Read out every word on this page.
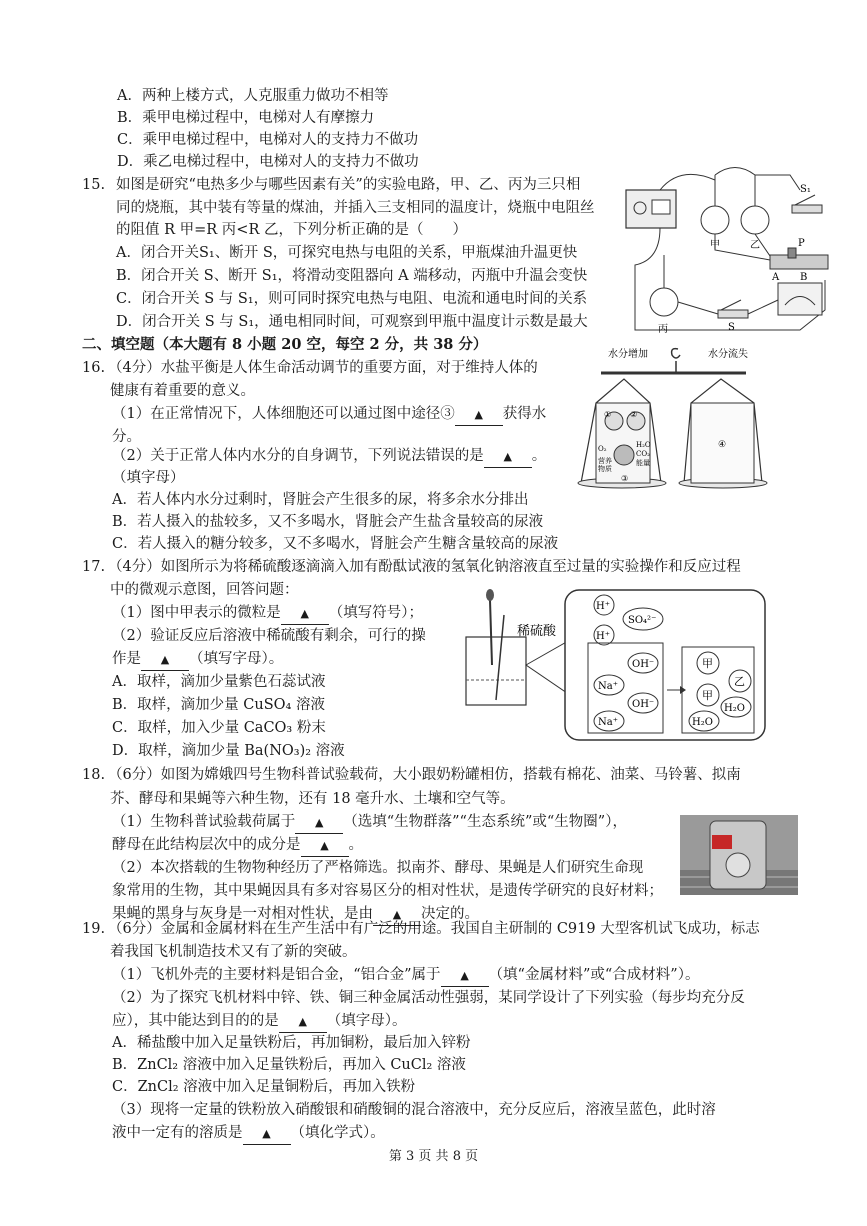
A．两种上楼方式，人克服重力做功不相等
B．乘甲电梯过程中，电梯对人有摩擦力
C．乘甲电梯过程中，电梯对人的支持力不做功
D．乘乙电梯过程中，电梯对人的支持力不做功
15. 如图是研究“电热多少与哪些因素有关”的实验电路，甲、乙、丙为三只相
同的烧瓶，其中装有等量的煤油，并插入三支相同的温度计，烧瓶中电阻丝
的阻值 R 甲=R 丙<R 乙，下列分析正确的是（　　）
A．闭合开关S₁、断开 S，可探究电热与电阻的关系，甲瓶煤油升温更快
B．闭合开关 S、断开 S₁，将滑动变阻器向 A 端移动，丙瓶中升温会变快
C．闭合开关 S 与 S₁，则可同时探究电热与电阻、电流和通电时间的关系
D．闭合开关 S 与 S₁，通电相同时间，可观察到甲瓶中温度计示数是最大
甲	乙
丙
S₁
S
P
A B
二、填空题（本大题有 8 小题 20 空，每空 2 分，共 38 分）
16. （4分）水盐平衡是人体生命活动调节的重要方面，对于维持人体的
健康有着重要的意义。
（1）在正常情况下，人体细胞还可以通过图中途径③ ▲ 获得水
分。
（2）关于正常人体内水分的自身调节，下列说法错误的是 ▲ 。
（填字母）
A．若人体内水分过剩时，肾脏会产生很多的尿，将多余水分排出
B．若人摄入的盐较多，又不多喝水，肾脏会产生盐含量较高的尿液
C．若人摄入的糖分较多，又不多喝水，肾脏会产生糖含量较高的尿液
水分增加	水分流失
① ②
③
④
O₂
营养
物质
H₂O
CO₂
能量
17. （4分）如图所示为将稀硫酸逐滴滴入加有酚酞试液的氢氧化钠溶液直至过量的实验操作和反应过程
中的微观示意图，回答问题：
（1）图中甲表示的微粒是 ▲ （填写符号）；
（2）验证反应后溶液中稀硫酸有剩余，可行的操
作是 ▲ （填写字母）。
A．取样，滴加少量紫色石蕊试液
B．取样，滴加少量 CuSO₄ 溶液
C．取样，加入少量 CaCO₃ 粉末
D．取样，滴加少量 Ba(NO₃)₂ 溶液
稀硫酸
H⁺
SO₄²⁻
H⁺
OH⁻
Na⁺
OH⁻
Na⁺
甲
乙
甲
H₂O
H₂O
18. （6分）如图为嫦娥四号生物科普试验载荷，大小跟奶粉罐相仿，搭载有棉花、油菜、马铃薯、拟南
芥、酵母和果蝇等六种生物，还有 18 毫升水、土壤和空气等。
（1）生物科普试验载荷属于 ▲ （选填“生物群落”“生态系统”或“生物圈”），
酵母在此结构层次中的成分是 ▲ 。
（2）本次搭载的生物物种经历了严格筛选。拟南芥、酵母、果蝇是人们研究生命现
象常用的生物，其中果蝇因具有多对容易区分的相对性状，是遗传学研究的良好材料；
果蝇的黑身与灰身是一对相对性状，是由 ▲ 决定的。
19. （6分）金属和金属材料在生产生活中有广泛的用途。我国自主研制的 C919 大型客机试飞成功，标志
着我国飞机制造技术又有了新的突破。
（1）飞机外壳的主要材料是铝合金，“铝合金”属于 ▲ （填“金属材料”或“合成材料”）。
（2）为了探究飞机材料中锌、铁、铜三种金属活动性强弱，某同学设计了下列实验（每步均充分反
应），其中能达到目的的是 ▲ （填字母）。
A．稀盐酸中加入足量铁粉后，再加铜粉，最后加入锌粉
B．ZnCl₂ 溶液中加入足量铁粉后，再加入 CuCl₂ 溶液
C．ZnCl₂ 溶液中加入足量铜粉后，再加入铁粉
（3）现将一定量的铁粉放入硝酸银和硝酸铜的混合溶液中，充分反应后，溶液呈蓝色，此时溶
液中一定有的溶质是 ▲ （填化学式）。
第 3 页 共 8 页
